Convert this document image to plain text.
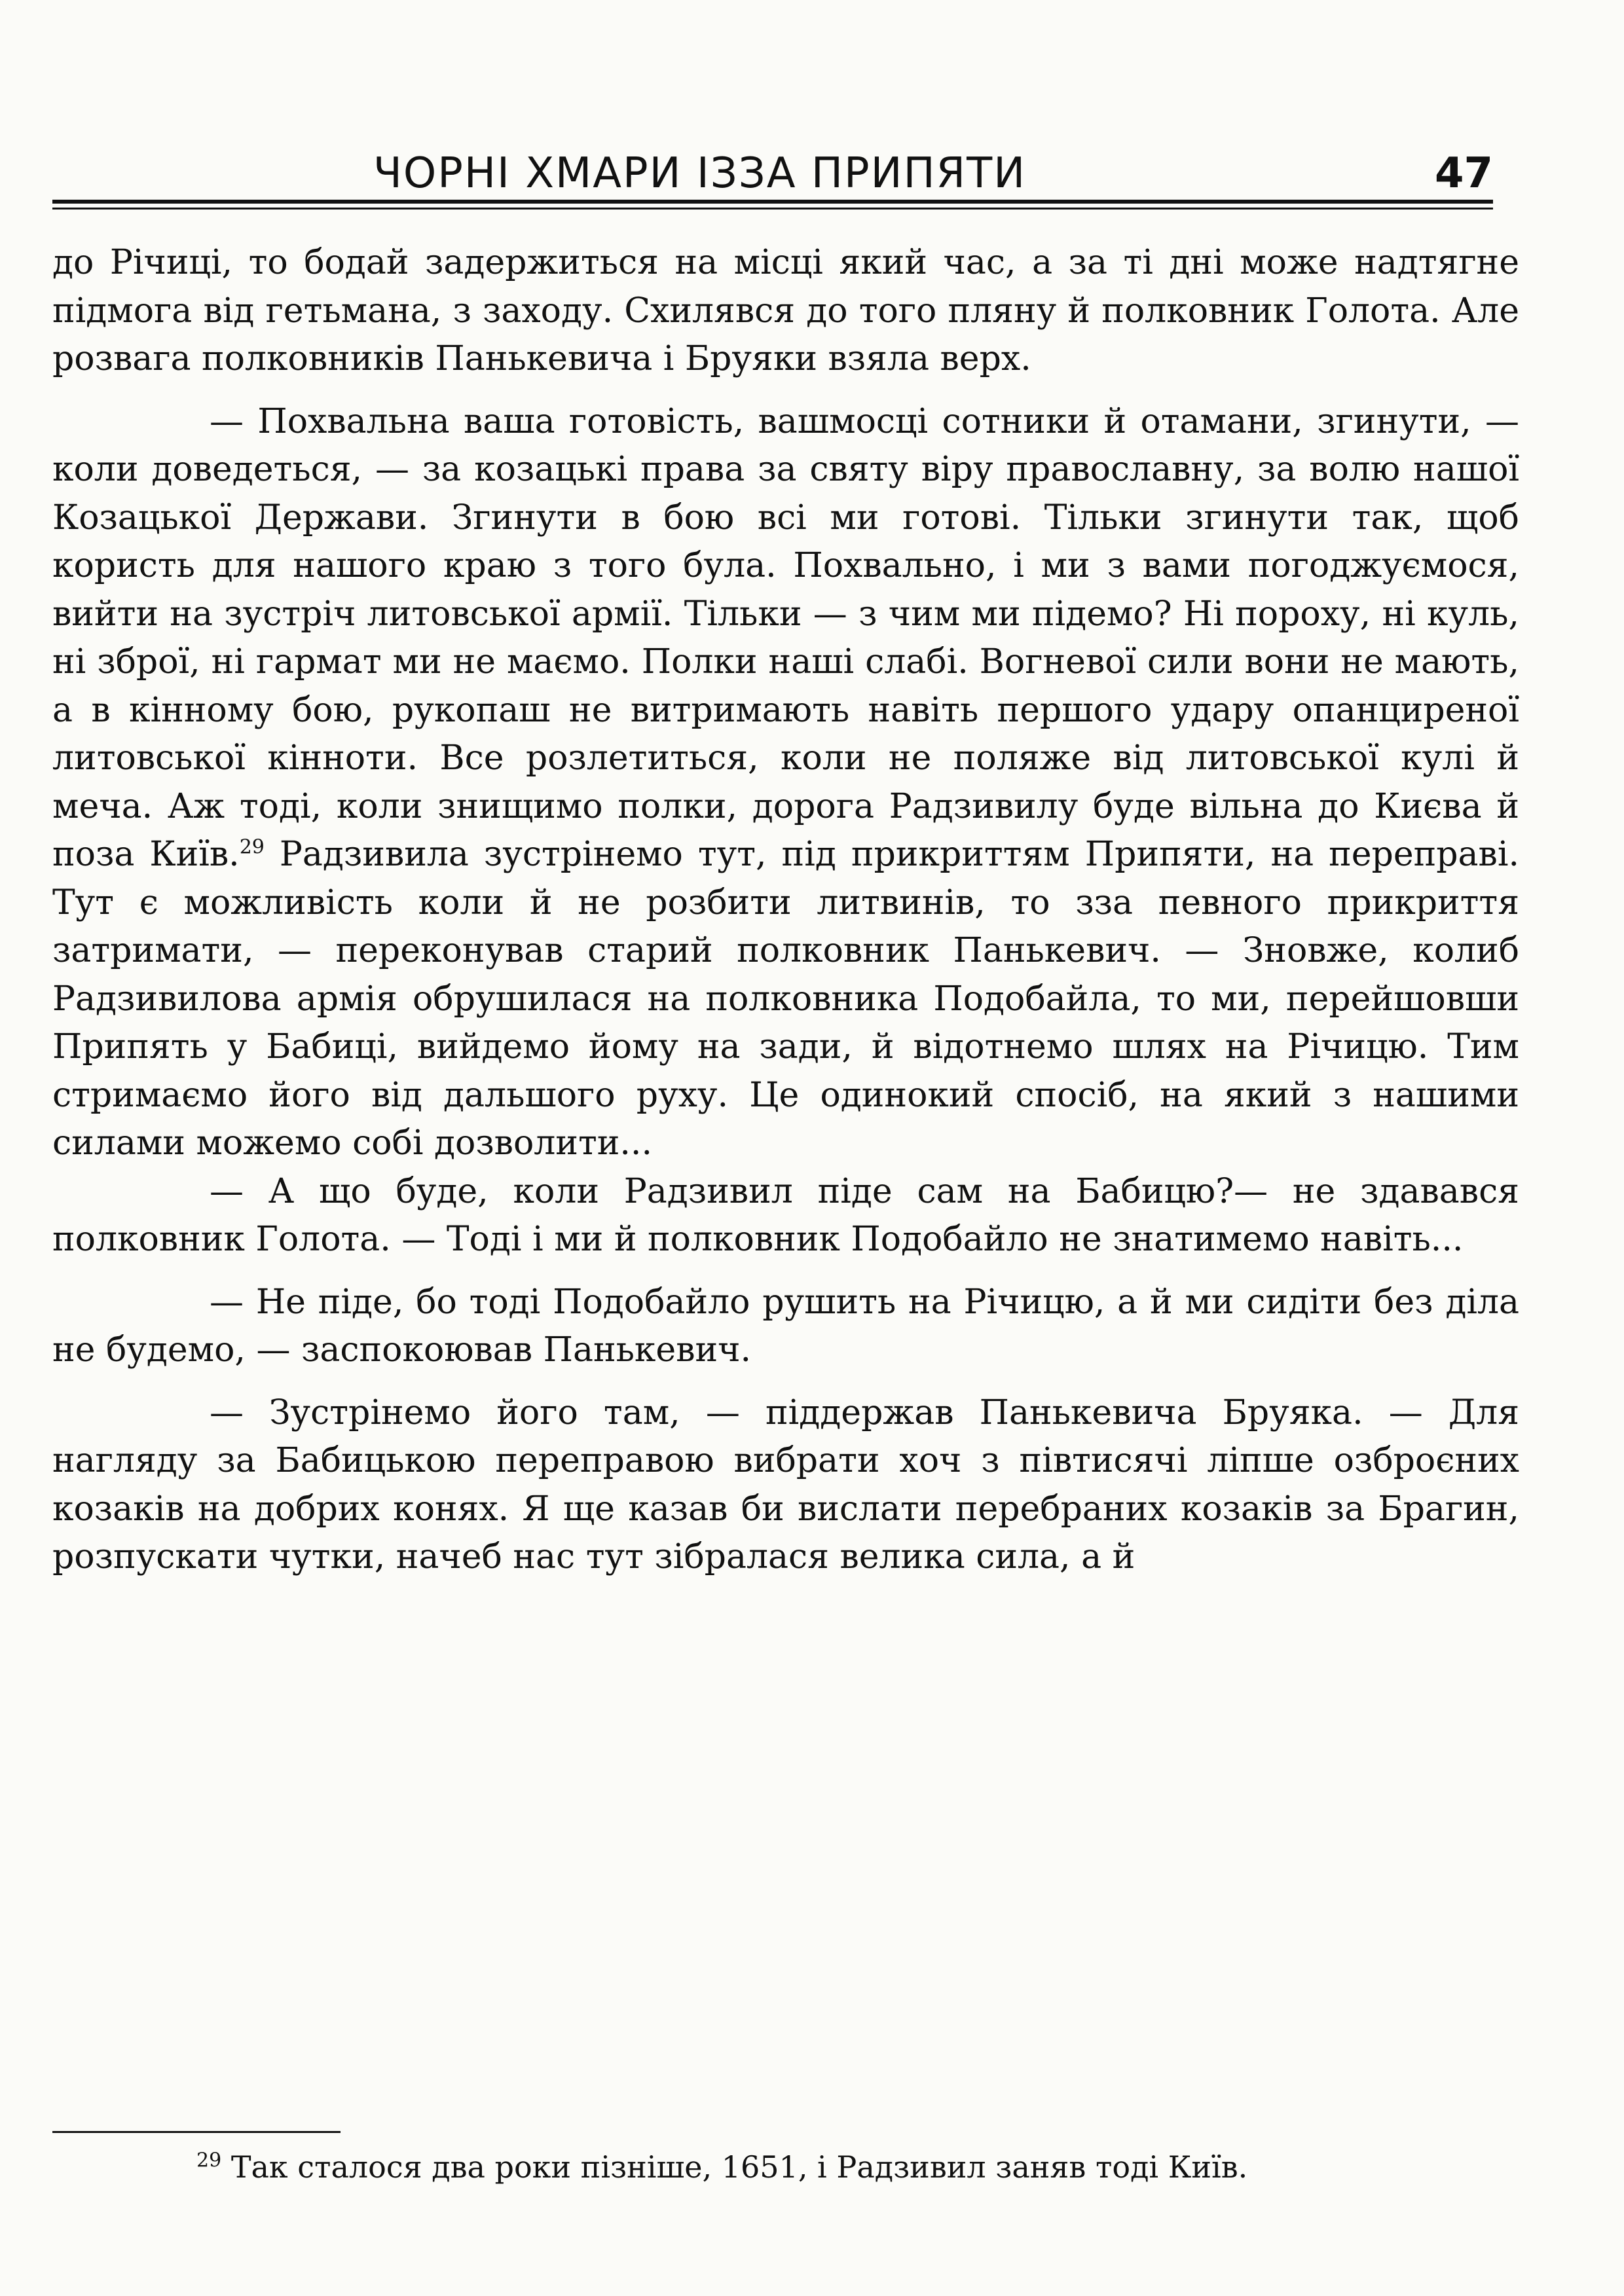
ЧОРНІ ХМАРИ ІЗЗА ПРИПЯТИ	47

до Річиці, то бодай задержиться на місці який час, а за ті дні може надтягне підмога від гетьмана, з заходу. Схилявся до того пляну й полковник Голота. Але розвага полковників Панькевича і Бруяки взяла верх.

— Похвальна ваша готовість, вашмосці сотники й отамани, згинути, — коли доведеться, — за козацькі права за святу віру православну, за волю нашої Козацької Держави. Згинути в бою всі ми готові. Тільки згинути так, щоб користь для нашого краю з того була. Похвально, і ми з вами погоджуємося, вийти на зустріч литовської армії. Тільки — з чим ми підемо? Ні пороху, ні куль, ні зброї, ні гармат ми не маємо. Полки наші слабі. Вогневої сили вони не мають, а в кінному бою, рукопаш не витримають навіть першого удару опанциреної литовської кінноти. Все розлетиться, коли не поляже від литовської кулі й меча. Аж тоді, коли знищимо полки, дорога Радзивилу буде вільна до Києва й поза Київ.$^{29}$ Радзивила зустрінемо тут, під прикриттям Припяти, на переправі. Тут є можливість коли й не розбити литвинів, то зза певного прикриття затримати, — переконував старий полковник Панькевич. — Зновже, колиб Радзивилова армія обрушилася на полковника Подобайла, то ми, перейшовши Припять у Бабиці, вийдемо йому на зади, й відотнемо шлях на Річицю. Тим стримаємо його від дальшого руху. Це одинокий спосіб, на який з нашими силами можемо собі дозволити...

— А що буде, коли Радзивил піде сам на Бабицю?— не здавався полковник Голота. — Тоді і ми й полковник Подобайло не знатимемо навіть...

— Не піде, бо тоді Подобайло рушить на Річицю, а й ми сидіти без діла не будемо, — заспокоював Панькевич.

— Зустрінемо його там, — піддержав Панькевича Бруяка. — Для нагляду за Бабицькою переправою вибрати хоч з півтисячі ліпше озброєних козаків на добрих конях. Я ще казав би вислати перебраних козаків за Брагин, розпускати чутки, начеб нас тут зібралася велика сила, а й

$^{29}$ Так сталося два роки пізніше, 1651, і Радзивил заняв тоді Київ.
